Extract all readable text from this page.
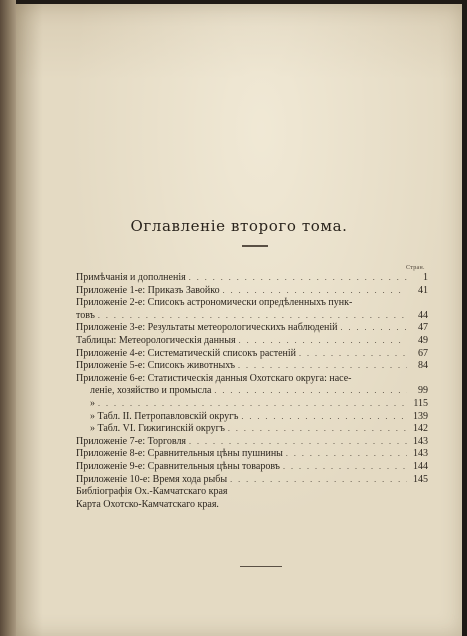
Оглавленie второго тома.
Стран.
Примѣчанія и дополненія . . .	1
Приложенie 1-е: Приказъ Завойко . . .	41
Приложенie 2-е: Списокъ астрономически опредѣленныхъ пунк-
товъ . . .	44
Приложенie 3-е: Результаты метеорологическихъ наблюденій . . .	47
Таблицы: Метеорологическія данныя . . .	49
Приложенie 4-е: Систематическій списокъ растеній . . .	67
Приложенie 5-е: Списокъ животныхъ . . .	84
Приложенie 6-е: Статистическія данныя Охотскаго округа: насе-
леніе, хозяйство и промысла . . .	99
» . . .	115
» Табл. II. Петропавловскій округъ . . .	139
» Табл. VI. Гижигинскій округъ . . .	142
Приложенie 7-е: Торговля . . .	143
Приложенie 8-е: Сравнительныя цѣны пушнины . . .	143
Приложенie 9-е: Сравнительныя цѣны товаровъ . . .	144
Приложенie 10-е: Время хода рыбы . . .	145
Библiографія Ох.-Камчатскаго края
Карта Охотско-Камчатскаго края.
